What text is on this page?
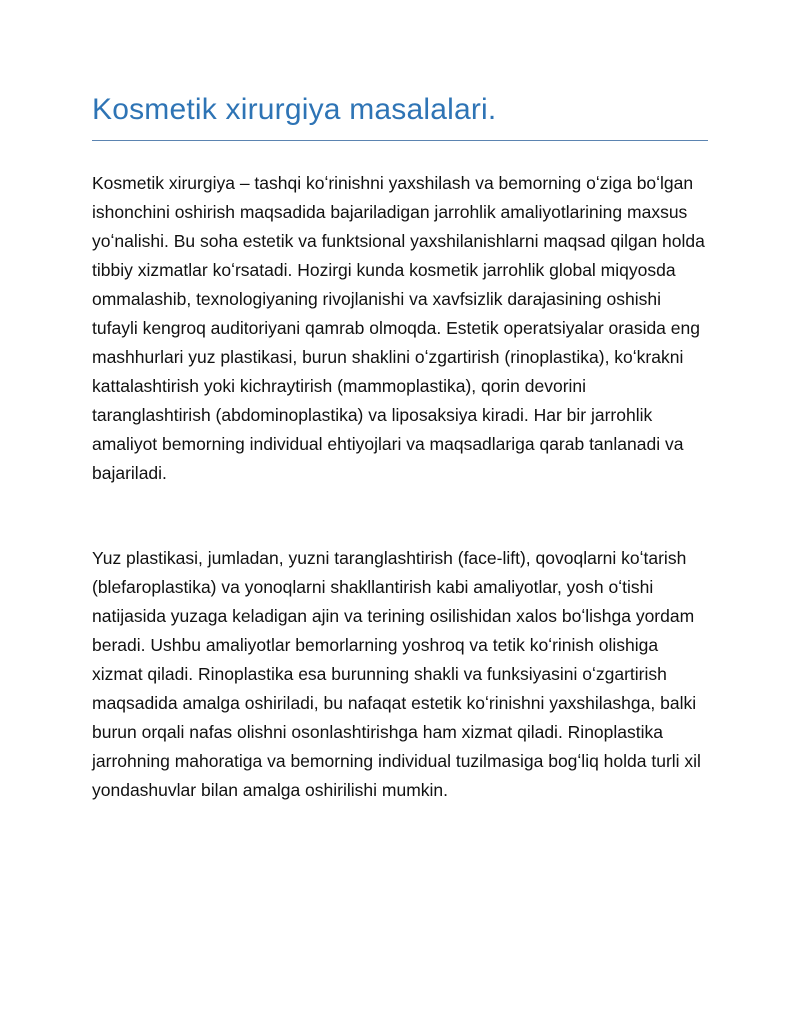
Kosmetik xirurgiya masalalari.

Kosmetik xirurgiya – tashqi koʻrinishni yaxshilash va bemorning oʻziga boʻlgan ishonchini oshirish maqsadida bajariladigan jarrohlik amaliyotlarining maxsus yoʻnalishi. Bu soha estetik va funktsional yaxshilanishlarni maqsad qilgan holda tibbiy xizmatlar koʻrsatadi. Hozirgi kunda kosmetik jarrohlik global miqyosda ommalashib, texnologiyaning rivojlanishi va xavfsizlik darajasining oshishi tufayli kengroq auditoriyani qamrab olmoqda. Estetik operatsiyalar orasida eng mashhurlari yuz plastikasi, burun shaklini oʻzgartirish (rinoplastika), koʻkrakni kattalashtirish yoki kichraytirish (mammoplastika), qorin devorini taranglashtirish (abdominoplastika) va liposaksiya kiradi. Har bir jarrohlik amaliyot bemorning individual ehtiyojlari va maqsadlariga qarab tanlanadi va bajariladi.

Yuz plastikasi, jumladan, yuzni taranglashtirish (face-lift), qovoqlarni koʻtarish (blefaroplastika) va yonoqlarni shakllantirish kabi amaliyotlar, yosh oʻtishi natijasida yuzaga keladigan ajin va terining osilishidan xalos boʻlishga yordam beradi. Ushbu amaliyotlar bemorlarning yoshroq va tetik koʻrinish olishiga xizmat qiladi. Rinoplastika esa burunning shakli va funksiyasini oʻzgartirish maqsadida amalga oshiriladi, bu nafaqat estetik koʻrinishni yaxshilashga, balki burun orqali nafas olishni osonlashtirishga ham xizmat qiladi. Rinoplastika jarrohning mahoratiga va bemorning individual tuzilmasiga bogʻliq holda turli xil yondashuvlar bilan amalga oshirilishi mumkin.
